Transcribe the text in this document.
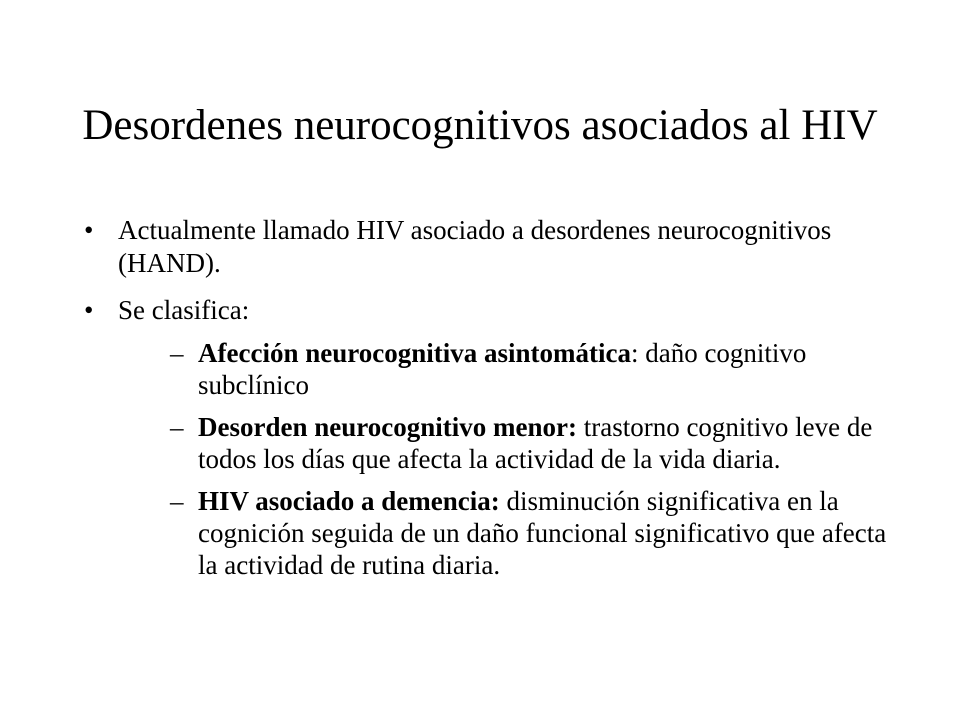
Desordenes neurocognitivos asociados al HIV
• Actualmente llamado HIV asociado a desordenes neurocognitivos (HAND).
• Se clasifica:
– Afección neurocognitiva asintomática: daño cognitivo subclínico
– Desorden neurocognitivo menor: trastorno cognitivo leve de todos los días que afecta la actividad de la vida diaria.
– HIV asociado a demencia: disminución significativa en la cognición seguida de un daño funcional significativo que afecta la actividad de rutina diaria.
